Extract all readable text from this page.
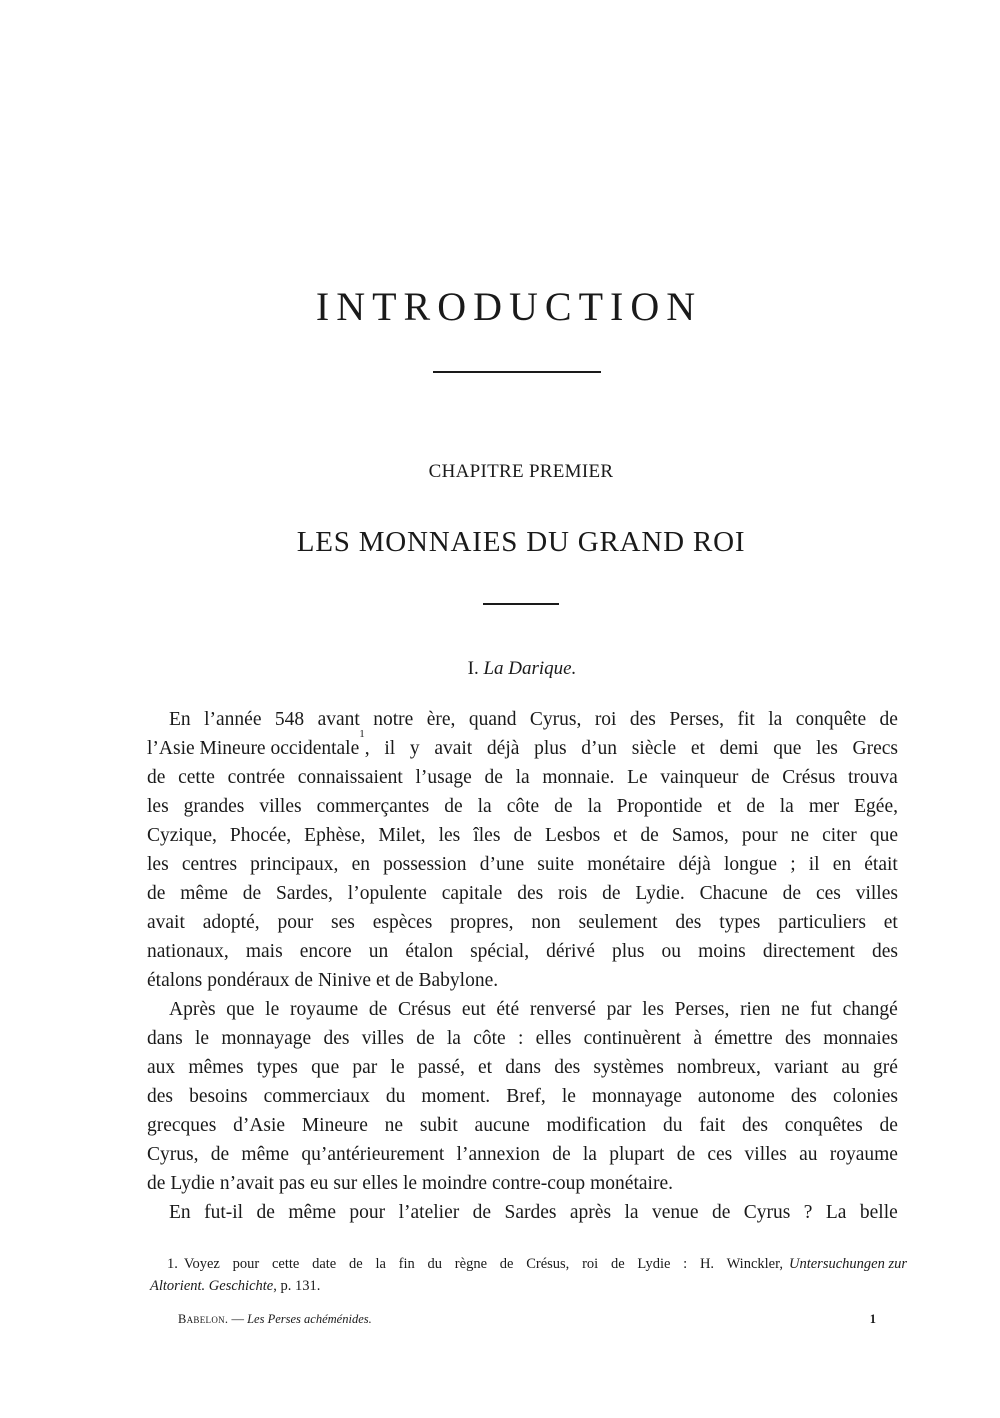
INTRODUCTION
CHAPITRE PREMIER
LES MONNAIES DU GRAND ROI
I. La Darique.
En l’année 548 avant notre ère, quand Cyrus, roi des Perses, fit la conquête de
l’Asie Mineure occidentale
1
, il y avait déjà plus d’un siècle et demi que les Grecs
de cette contrée connaissaient l’usage de la monnaie. Le vainqueur de Crésus trouva
les grandes villes commerçantes de la côte de la Propontide et de la mer Egée,
Cyzique, Phocée, Ephèse, Milet, les îles de Lesbos et de Samos, pour ne citer que
les centres principaux, en possession d’une suite monétaire déjà longue ; il en était
de même de Sardes, l’opulente capitale des rois de Lydie. Chacune de ces villes
avait adopté, pour ses espèces propres, non seulement des types particuliers et
nationaux, mais encore un étalon spécial, dérivé plus ou moins directement des
étalons pondéraux de Ninive et de Babylone.
Après que le royaume de Crésus eut été renversé par les Perses, rien ne fut changé
dans le monnayage des villes de la côte : elles continuèrent à émettre des monnaies
aux mêmes types que par le passé, et dans des systèmes nombreux, variant au gré
des besoins commerciaux du moment. Bref, le monnayage autonome des colonies
grecques d’Asie Mineure ne subit aucune modification du fait des conquêtes de
Cyrus, de même qu’antérieurement l’annexion de la plupart de ces villes au royaume
de Lydie n’avait pas eu sur elles le moindre contre-coup monétaire.
En fut-il de même pour l’atelier de Sardes après la venue de Cyrus ? La belle
1. Voyez pour cette date de la fin du règne de Crésus, roi de Lydie : H. Winckler, Untersuchungen zur
Altorient. Geschichte, p. 131.
Babelon. — Les Perses achéménides.	1
